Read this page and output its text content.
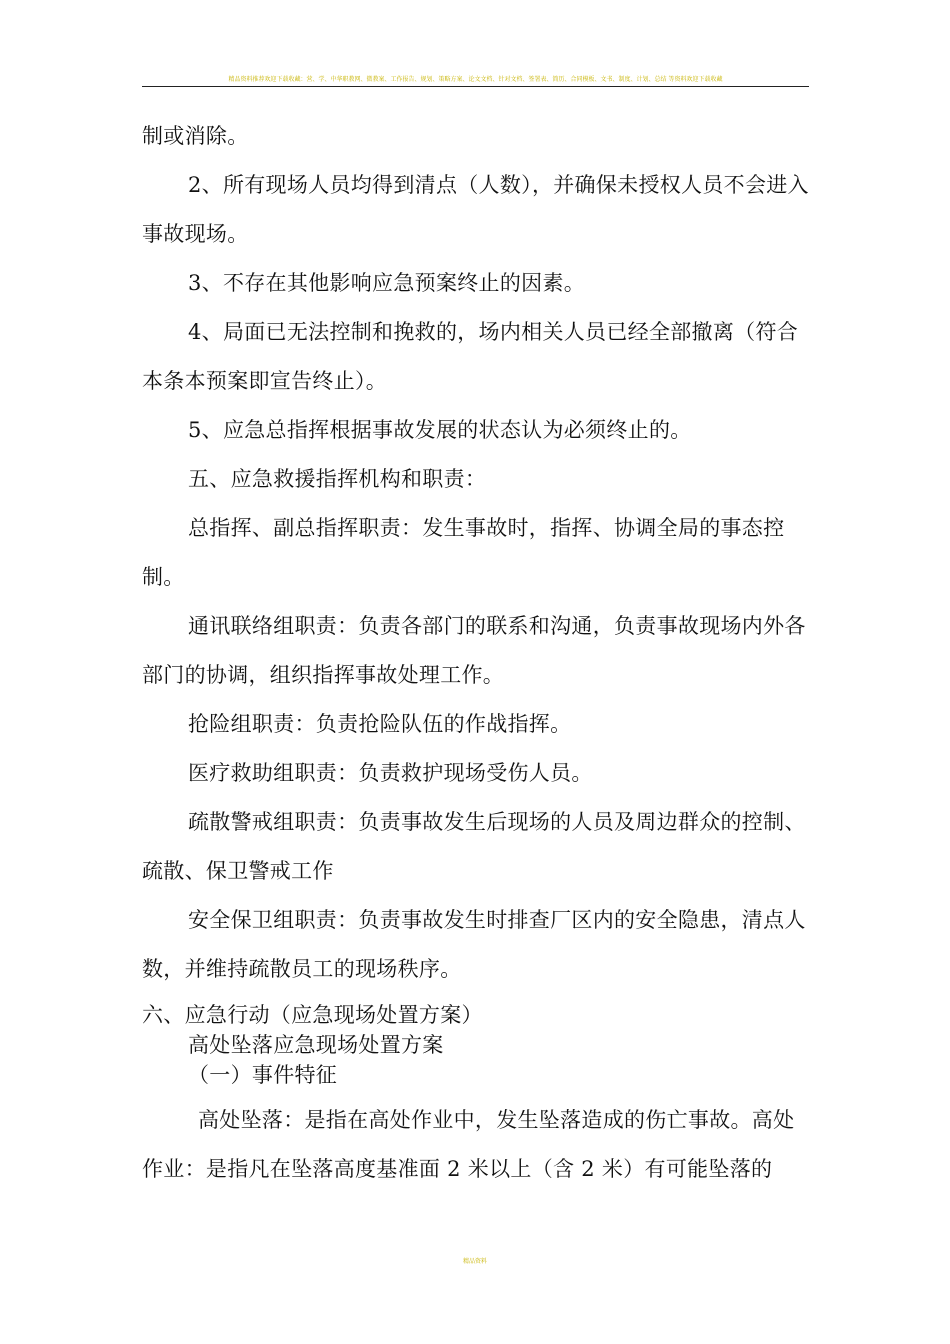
精品资料推荐欢迎下载收藏：营、学、中华职教网、微教案、工作报告、规划、策略方案、论文文档、针对文档、签署表、简历、合同模板、文书、制度、计划、总结 等资料欢迎下载收藏

制或消除。

2、所有现场人员均得到清点（人数），并确保未授权人员不会进入事故现场。

3、不存在其他影响应急预案终止的因素。

4、局面已无法控制和挽救的，场内相关人员已经全部撤离（符合本条本预案即宣告终止）。

5、应急总指挥根据事故发展的状态认为必须终止的。

五、应急救援指挥机构和职责：

总指挥、副总指挥职责：发生事故时，指挥、协调全局的事态控制。

通讯联络组职责：负责各部门的联系和沟通，负责事故现场内外各部门的协调，组织指挥事故处理工作。

抢险组职责：负责抢险队伍的作战指挥。

医疗救助组职责：负责救护现场受伤人员。

疏散警戒组职责：负责事故发生后现场的人员及周边群众的控制、疏散、保卫警戒工作

安全保卫组职责：负责事故发生时排查厂区内的安全隐患，清点人数，并维持疏散员工的现场秩序。

六、应急行动（应急现场处置方案）

高处坠落应急现场处置方案

（一）事件特征

高处坠落：是指在高处作业中，发生坠落造成的伤亡事故。高处作业：是指凡在坠落高度基准面 2 米以上（含 2 米）有可能坠落的

精品资料
